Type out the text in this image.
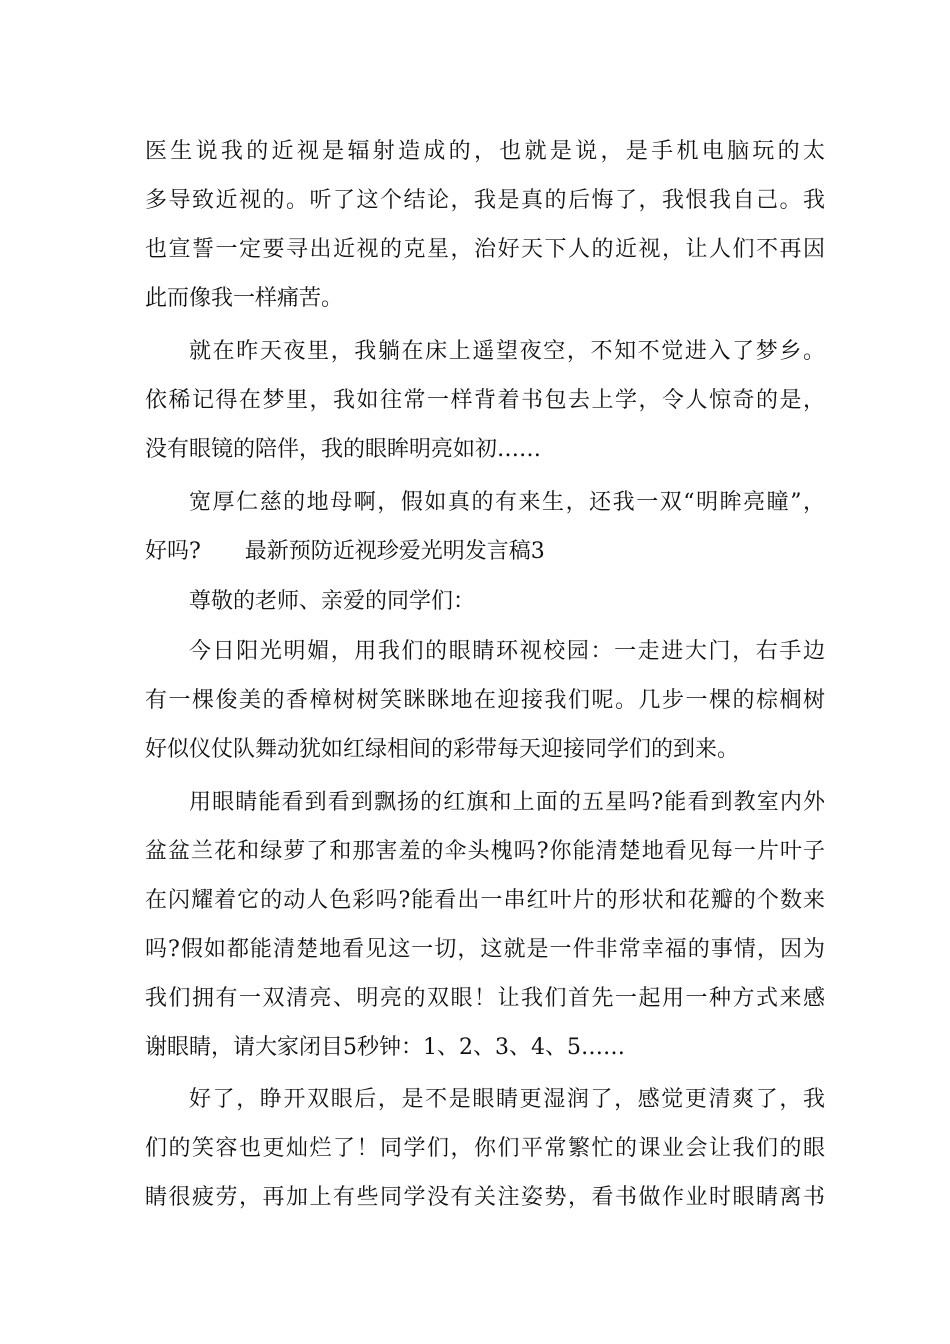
医生说我的近视是辐射造成的，也就是说，是手机电脑玩的太
多导致近视的。听了这个结论，我是真的后悔了，我恨我自己。我
也宣誓一定要寻出近视的克星，治好天下人的近视，让人们不再因
此而像我一样痛苦。
就在昨天夜里，我躺在床上遥望夜空，不知不觉进入了梦乡。
依稀记得在梦里，我如往常一样背着书包去上学，令人惊奇的是，
没有眼镜的陪伴，我的眼眸明亮如初……
宽厚仁慈的地母啊，假如真的有来生，还我一双“明眸亮瞳”，
好吗?　　最新预防近视珍爱光明发言稿3
尊敬的老师、亲爱的同学们：
今日阳光明媚，用我们的眼睛环视校园：一走进大门，右手边
有一棵俊美的香樟树树笑眯眯地在迎接我们呢。几步一棵的棕榈树
好似仪仗队舞动犹如红绿相间的彩带每天迎接同学们的到来。
用眼睛能看到看到飘扬的红旗和上面的五星吗?能看到教室内外
盆盆兰花和绿萝了和那害羞的伞头槐吗?你能清楚地看见每一片叶子
在闪耀着它的动人色彩吗?能看出一串红叶片的形状和花瓣的个数来
吗?假如都能清楚地看见这一切，这就是一件非常幸福的事情，因为
我们拥有一双清亮、明亮的双眼！让我们首先一起用一种方式来感
谢眼睛，请大家闭目5秒钟：1、2、3、4、5……
好了，睁开双眼后，是不是眼睛更湿润了，感觉更清爽了，我
们的笑容也更灿烂了！同学们，你们平常繁忙的课业会让我们的眼
睛很疲劳，再加上有些同学没有关注姿势，看书做作业时眼睛离书
